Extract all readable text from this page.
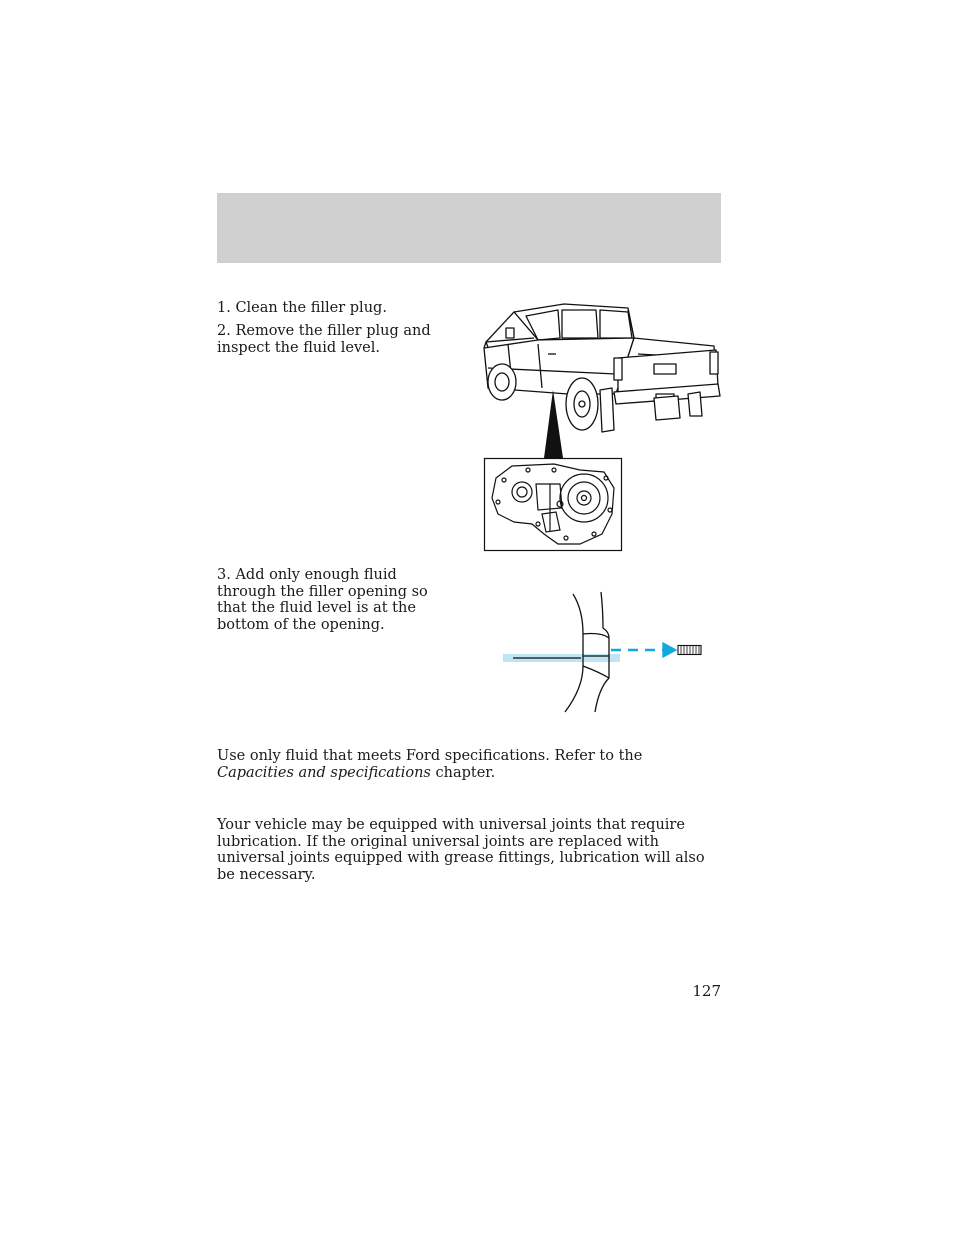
1. Clean the filler plug.
2. Remove the filler plug and inspect the fluid level.
3. Add only enough fluid through the filler opening so that the fluid level is at the bottom of the opening.
Use only fluid that meets Ford specifications. Refer to the Capacities and specifications chapter.
Your vehicle may be equipped with universal joints that require lubrication. If the original universal joints are replaced with universal joints equipped with grease fittings, lubrication will also be necessary.
127
